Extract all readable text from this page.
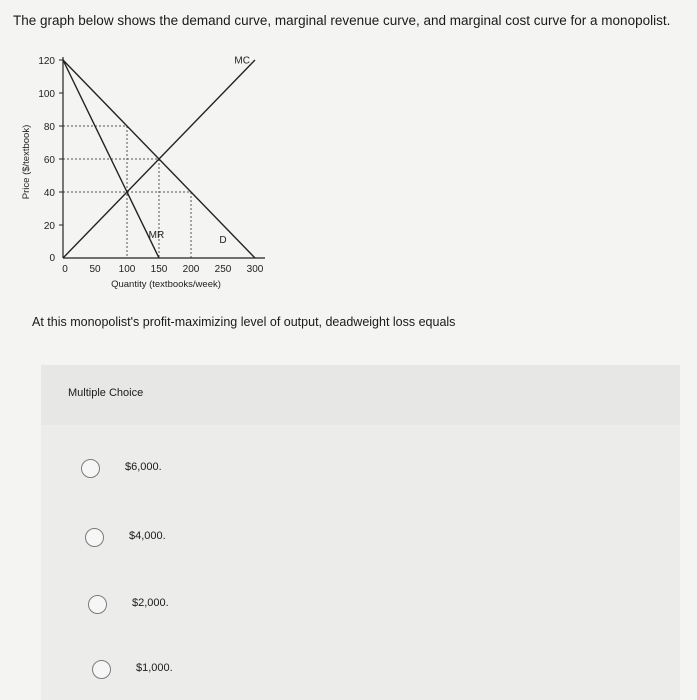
The graph below shows the demand curve, marginal revenue curve, and marginal cost curve for a monopolist.
20
40
60
80
100
120
0
0 50 100 150 200 250 300
D
MR
MC
Price ($/textbook)
Quantity (textbooks/week)
At this monopolist's profit-maximizing level of output, deadweight loss equals
Multiple Choice
$6,000.
$4,000.
$2,000.
$1,000.
